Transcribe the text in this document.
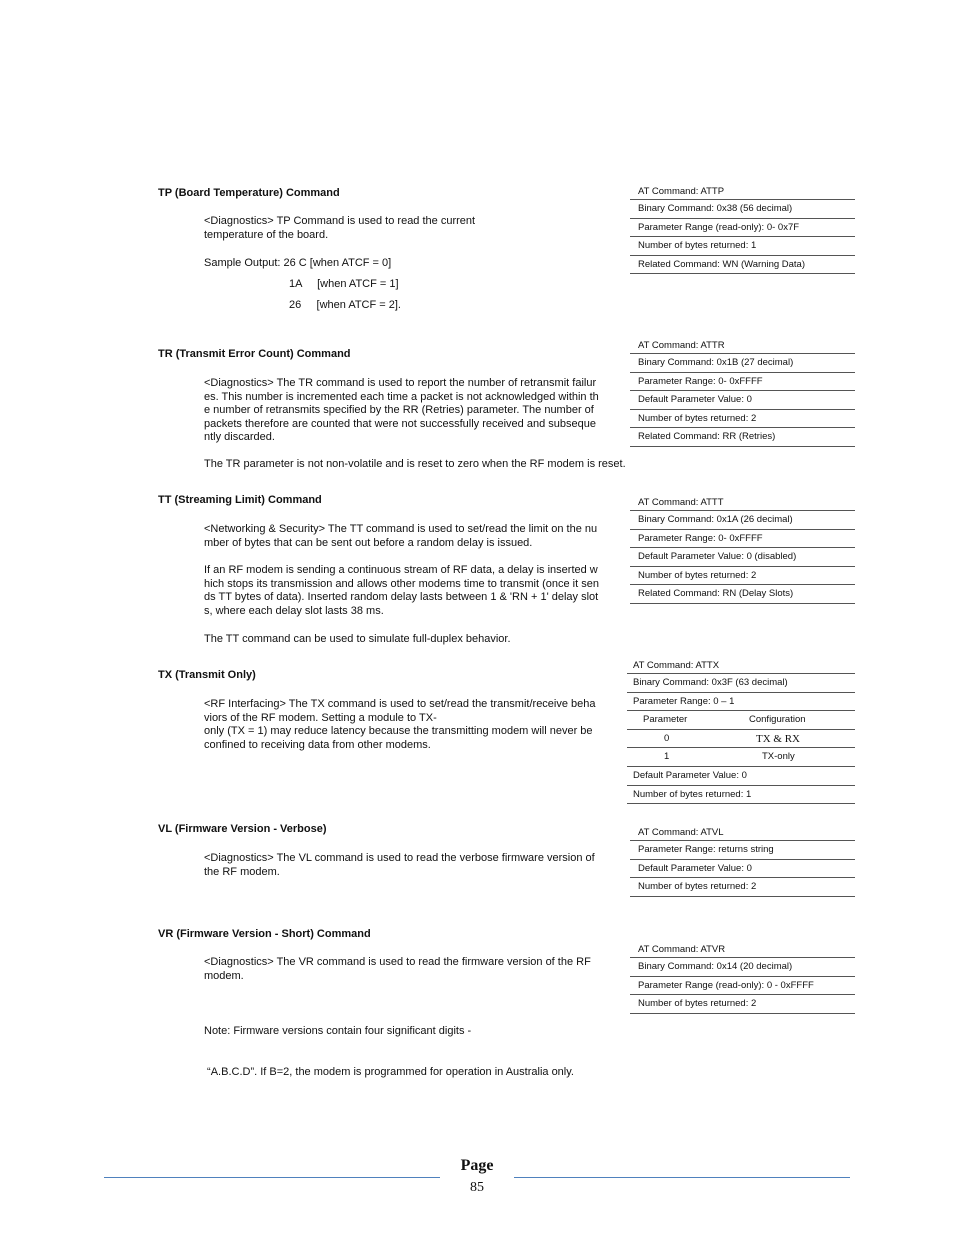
TP (Board Temperature) Command
<Diagnostics> TP Command is used to read the current
temperature of the board.
Sample Output: 26 C [when ATCF = 0]
1A     [when ATCF = 1]
26     [when ATCF = 2].
AT Command: ATTP
Binary Command: 0x38 (56 decimal)
Parameter Range (read-only): 0- 0x7F
Number of bytes returned: 1
Related Command: WN (Warning Data)
TR (Transmit Error Count) Command
<Diagnostics> The TR command is used to report the number of retransmit failur
es. This number is incremented each time a packet is not acknowledged within th
e number of retransmits specified by the RR (Retries) parameter. The number of
packets therefore are counted that were not successfully received and subseque
ntly discarded.
The TR parameter is not non-volatile and is reset to zero when the RF modem is reset.
AT Command: ATTR
Binary Command: 0x1B (27 decimal)
Parameter Range: 0- 0xFFFF
Default Parameter Value: 0
Number of bytes returned: 2
Related Command: RR (Retries)
TT (Streaming Limit) Command
<Networking & Security> The TT command is used to set/read the limit on the nu
mber of bytes that can be sent out before a random delay is issued.
If an RF modem is sending a continuous stream of RF data, a delay is inserted w
hich stops its transmission and allows other modems time to transmit (once it sen
ds TT bytes of data). Inserted random delay lasts between 1 & 'RN + 1' delay slot
s, where each delay slot lasts 38 ms.
The TT command can be used to simulate full-duplex behavior.
AT Command: ATTT
Binary Command: 0x1A (26 decimal)
Parameter Range: 0- 0xFFFF
Default Parameter Value: 0 (disabled)
Number of bytes returned: 2
Related Command: RN (Delay Slots)
TX (Transmit Only)
<RF Interfacing> The TX command is used to set/read the transmit/receive beha
viors of the RF modem. Setting a module to TX-
only (TX = 1) may reduce latency because the transmitting modem will never be
confined to receiving data from other modems.
AT Command: ATTX
Binary Command: 0x3F (63 decimal)
Parameter Range: 0 – 1
Parameter	Configuration
0	TX & RX
1	TX-only
Default Parameter Value: 0
Number of bytes returned: 1
VL (Firmware Version - Verbose)
<Diagnostics> The VL command is used to read the verbose firmware version of
the RF modem.
AT Command: ATVL
Parameter Range: returns string
Default Parameter Value: 0
Number of bytes returned: 2
VR (Firmware Version - Short) Command
<Diagnostics> The VR command is used to read the firmware version of the RF
modem.

Note: Firmware versions contain four significant digits -

“A.B.C.D”. If B=2, the modem is programmed for operation in Australia only.

AT Command: ATVR
Binary Command: 0x14 (20 decimal)
Parameter Range (read-only): 0 - 0xFFFF
Number of bytes returned: 2
Page
85
